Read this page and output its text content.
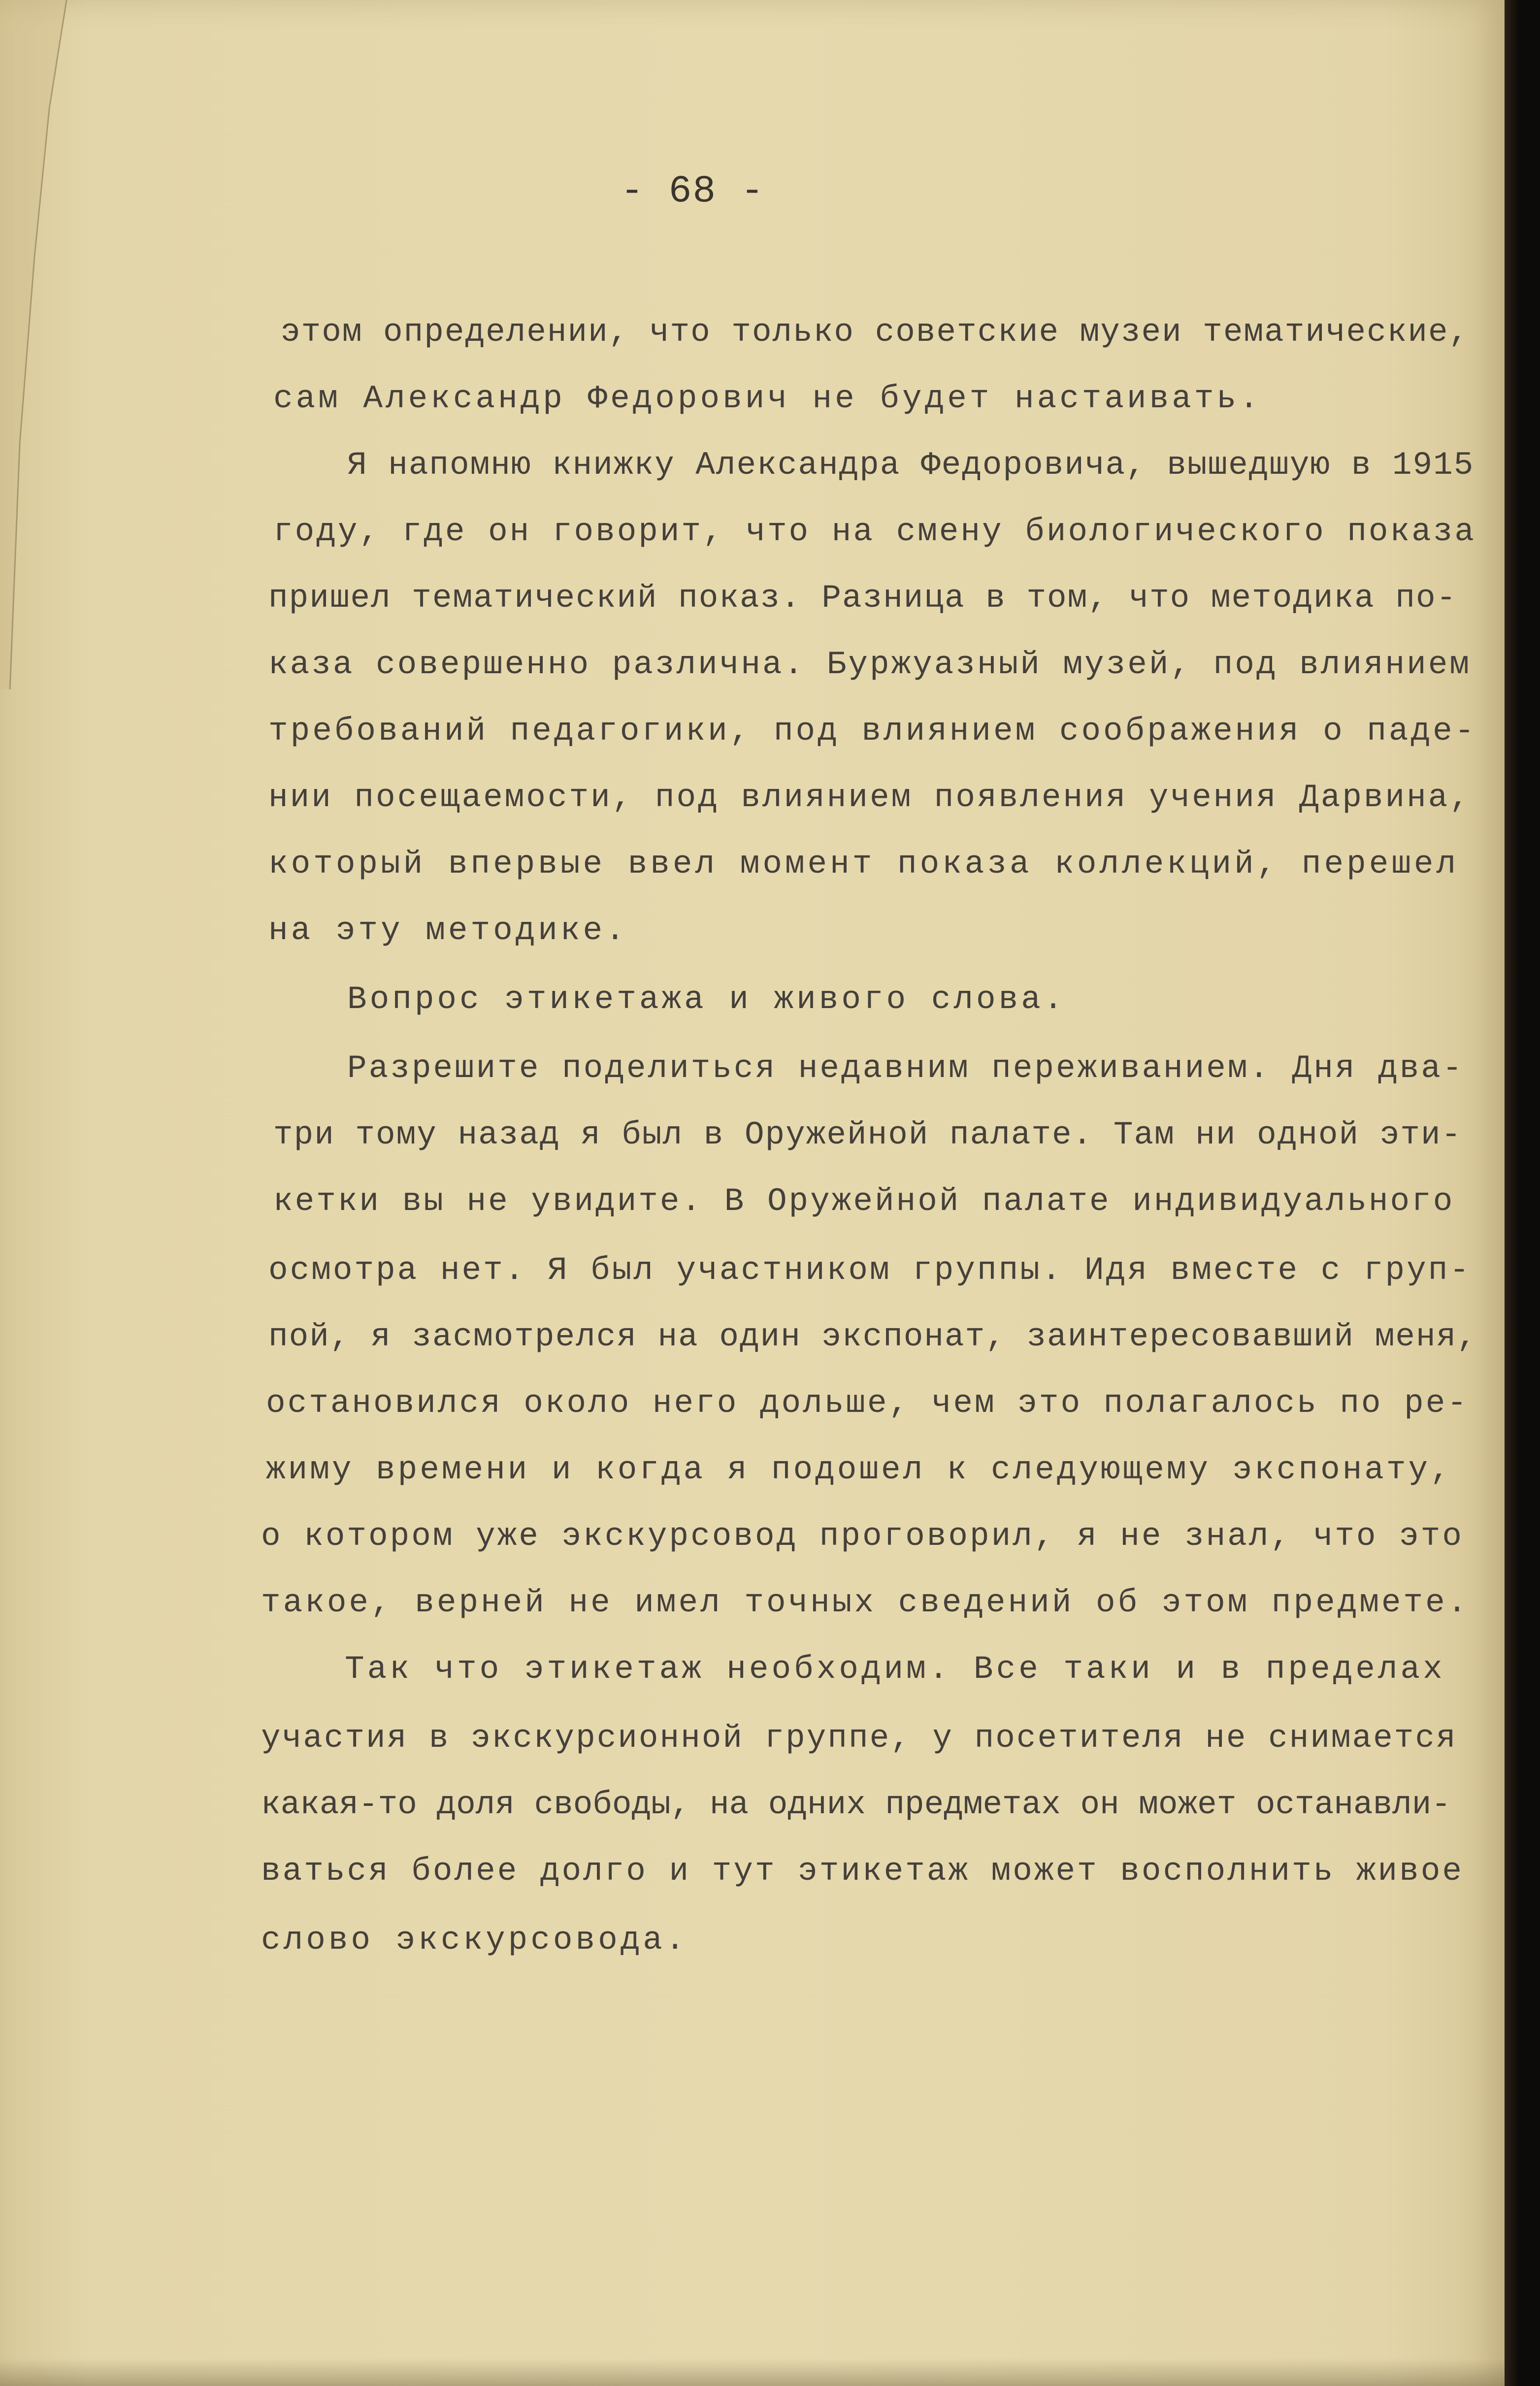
- 68 -
этом определении, что только советские музеи тематические,
сам Александр Федорович не будет настаивать.
Я напомню книжку Александра Федоровича, вышедшую в 1915
году, где он говорит, что на смену биологического показа
пришел тематический показ. Разница в том, что методика по-
каза совершенно различна. Буржуазный музей, под влиянием
требований педагогики, под влиянием соображения о паде-
нии посещаемости, под влиянием появления учения Дарвина,
который впервые ввел момент показа коллекций, перешел
на эту методике.
Вопрос этикетажа и живого слова.
Разрешите поделиться недавним переживанием. Дня два-
три тому назад я был в Оружейной палате. Там ни одной эти-
кетки вы не увидите. В Оружейной палате индивидуального
осмотра нет. Я был участником группы. Идя вместе с груп-
пой, я засмотрелся на один экспонат, заинтересовавший меня,
остановился около него дольше, чем это полагалось по ре-
жиму времени и когда я подошел к следующему экспонату,
о котором уже экскурсовод проговорил, я не знал, что это
такое, верней не имел точных сведений об этом предмете.
Так что этикетаж необходим. Все таки и в пределах
участия в экскурсионной группе, у посетителя не снимается
какая-то доля свободы, на одних предметах он может останавли-
ваться более долго и тут этикетаж может восполнить живое
слово экскурсовода.
